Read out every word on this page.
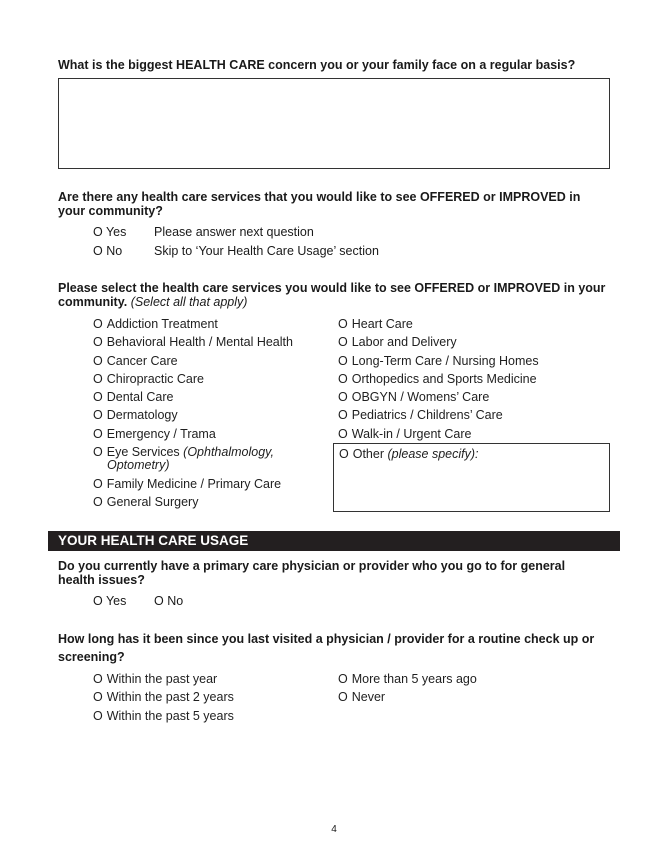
What is the biggest HEALTH CARE concern you or your family face on a regular basis?
Are there any health care services that you would like to see OFFERED or IMPROVED in
your community?
O Yes	Please answer next question
O No	Skip to ‘Your Health Care Usage’ section
Please select the health care services you would like to see OFFERED or IMPROVED in your
community. (Select all that apply)
O Addiction Treatment
O Behavioral Health / Mental Health
O Cancer Care
O Chiropractic Care
O Dental Care
O Dermatology
O Emergency / Trama
O Eye Services (Ophthalmology,
Optometry)
O Family Medicine / Primary Care
O General Surgery
O Heart Care
O Labor and Delivery
O Long-Term Care / Nursing Homes
O Orthopedics and Sports Medicine
O OBGYN / Womens’ Care
O Pediatrics / Childrens’ Care
O Walk-in / Urgent Care
O Other (please specify):
YOUR HEALTH CARE USAGE
Do you currently have a primary care physician or provider who you go to for general
health issues?
O Yes	O No
How long has it been since you last visited a physician / provider for a routine check up or
screening?
O Within the past year
O Within the past 2 years
O Within the past 5 years
O More than 5 years ago
O Never
4
